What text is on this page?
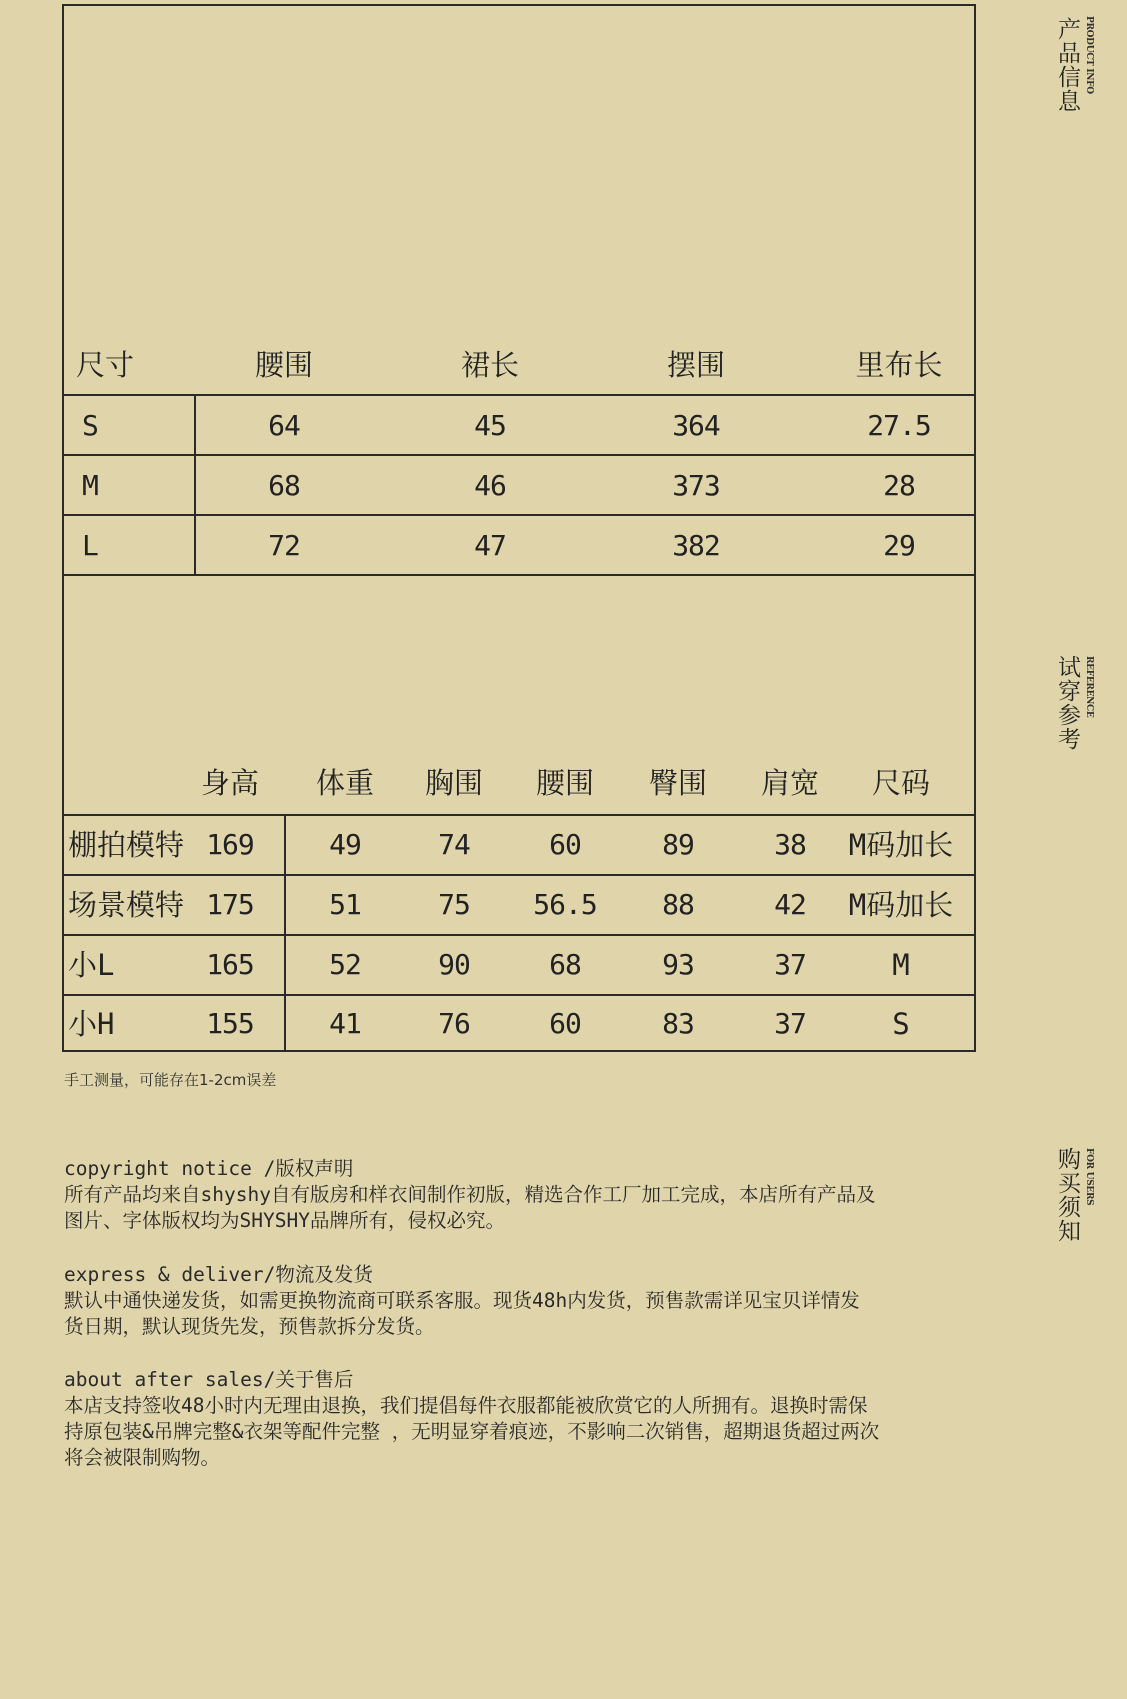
尺寸	腰围	裙长	摆围	里布长
S	64	45	364	27.5
M	68	46	373	28
L	72	47	382	29
身高	体重	胸围	腰围	臀围	肩宽	尺码
棚拍模特 169	49	74	60	89	38	M码加长
场景模特 175	51	75	56.5	88	42	M码加长
小L	165	52	90	68	93	37	M
小H	155	41	76	60	83	37	S
手工测量，可能存在1-2cm误差
copyright notice /版权声明
所有产品均来自shyshy自有版房和样衣间制作初版，精选合作工厂加工完成，本店所有产品及
图片、字体版权均为SHYSHY品牌所有，侵权必究。
express & deliver/物流及发货
默认中通快递发货，如需更换物流商可联系客服。现货48h内发货，预售款需详见宝贝详情发
货日期，默认现货先发，预售款拆分发货。
about after sales/关于售后
本店支持签收48小时内无理由退换，我们提倡每件衣服都能被欣赏它的人所拥有。退换时需保
持原包装&吊牌完整&衣架等配件完整 ，无明显穿着痕迹，不影响二次销售，超期退货超过两次
将会被限制购物。
产品信息
PRODUCT INFO
试穿参考
REFERENCE
购买须知
FOR USERS
